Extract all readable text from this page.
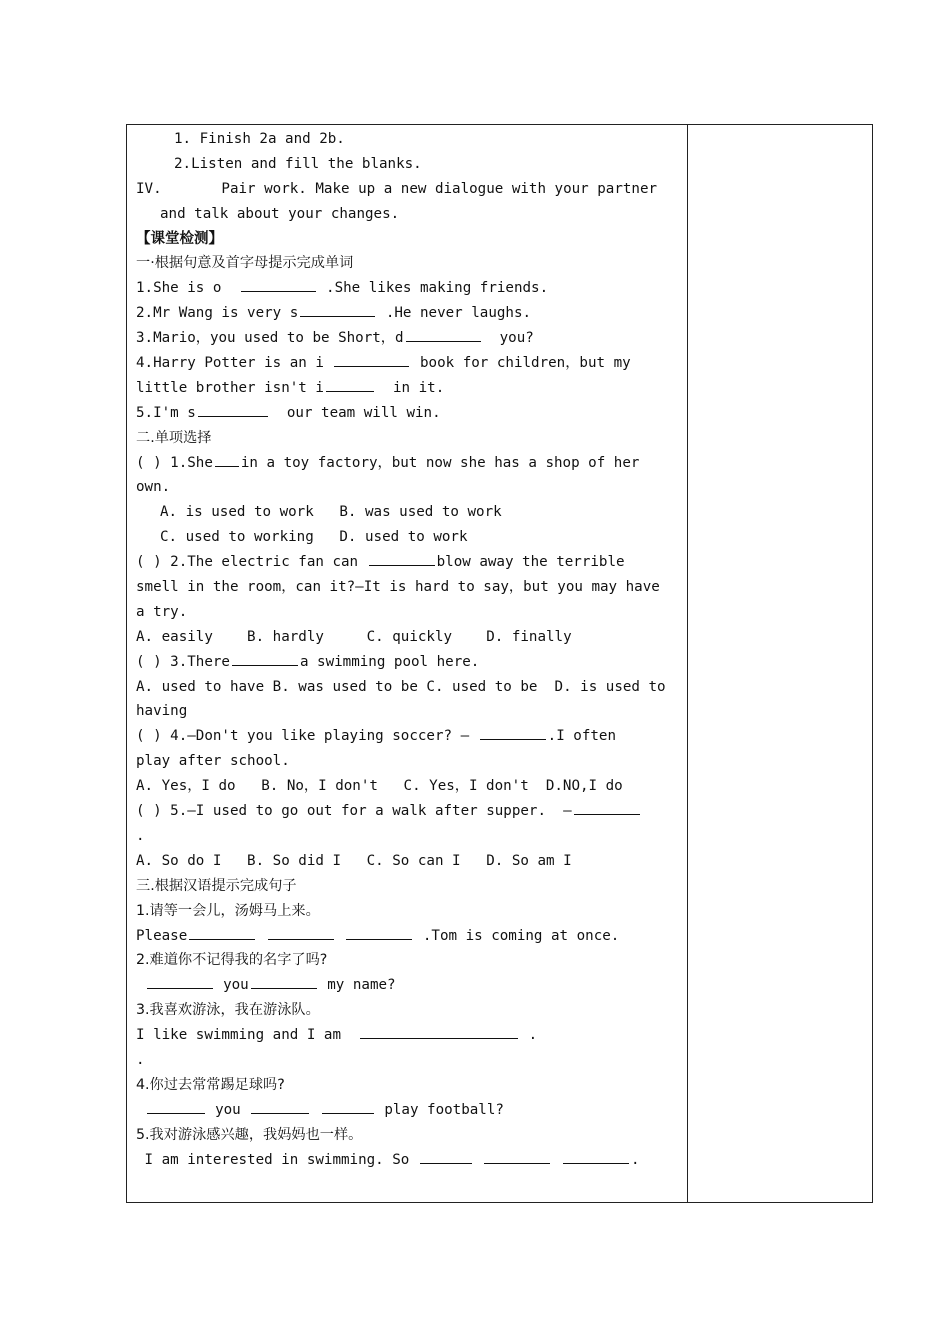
1. Finish 2a and 2b.
2.Listen and fill the blanks.
IV.       Pair work. Make up a new dialogue with your partner
and talk about your changes.
【课堂检测】
一·根据句意及首字母提示完成单词
1.She is o	.She likes making friends.
2.Mr Wang is very s	.He never laughs.
3.Mario，you used to be Short，d	you?
4.Harry Potter is an i	book for children，but my
little brother isn't i	in it.
5.I'm s	our team will win.
二.单项选择
( ) 1.She in a toy factory，but now she has a shop of her
own.
A. is used to work   B. was used to work
C. used to working   D. used to work
( ) 2.The electric fan can	blow away the terrible
smell in the room，can it?—It is hard to say，but you may have
a try.
A. easily    B. hardly     C. quickly    D. finally
( ) 3.There	a swimming pool here.
A. used to have B. was used to be C. used to be  D. is used to
having
( ) 4.—Don't you like playing soccer? —	.I often
play after school.
A. Yes，I do   B. No，I don't   C. Yes，I don't  D.NO,I do
( ) 5.—I used to go out for a walk after supper.  —
.
A. So do I   B. So did I   C. So can I   D. So am I
三.根据汉语提示完成句子
1.请等一会儿，汤姆马上来。
Please	.Tom is coming at once.
2.难道你不记得我的名字了吗?
you	my name?
3.我喜欢游泳，我在游泳队。
I like swimming and I am	.
.
4.你过去常常踢足球吗?
you	play football?
5.我对游泳感兴趣，我妈妈也一样。
I am interested in swimming. So	.
